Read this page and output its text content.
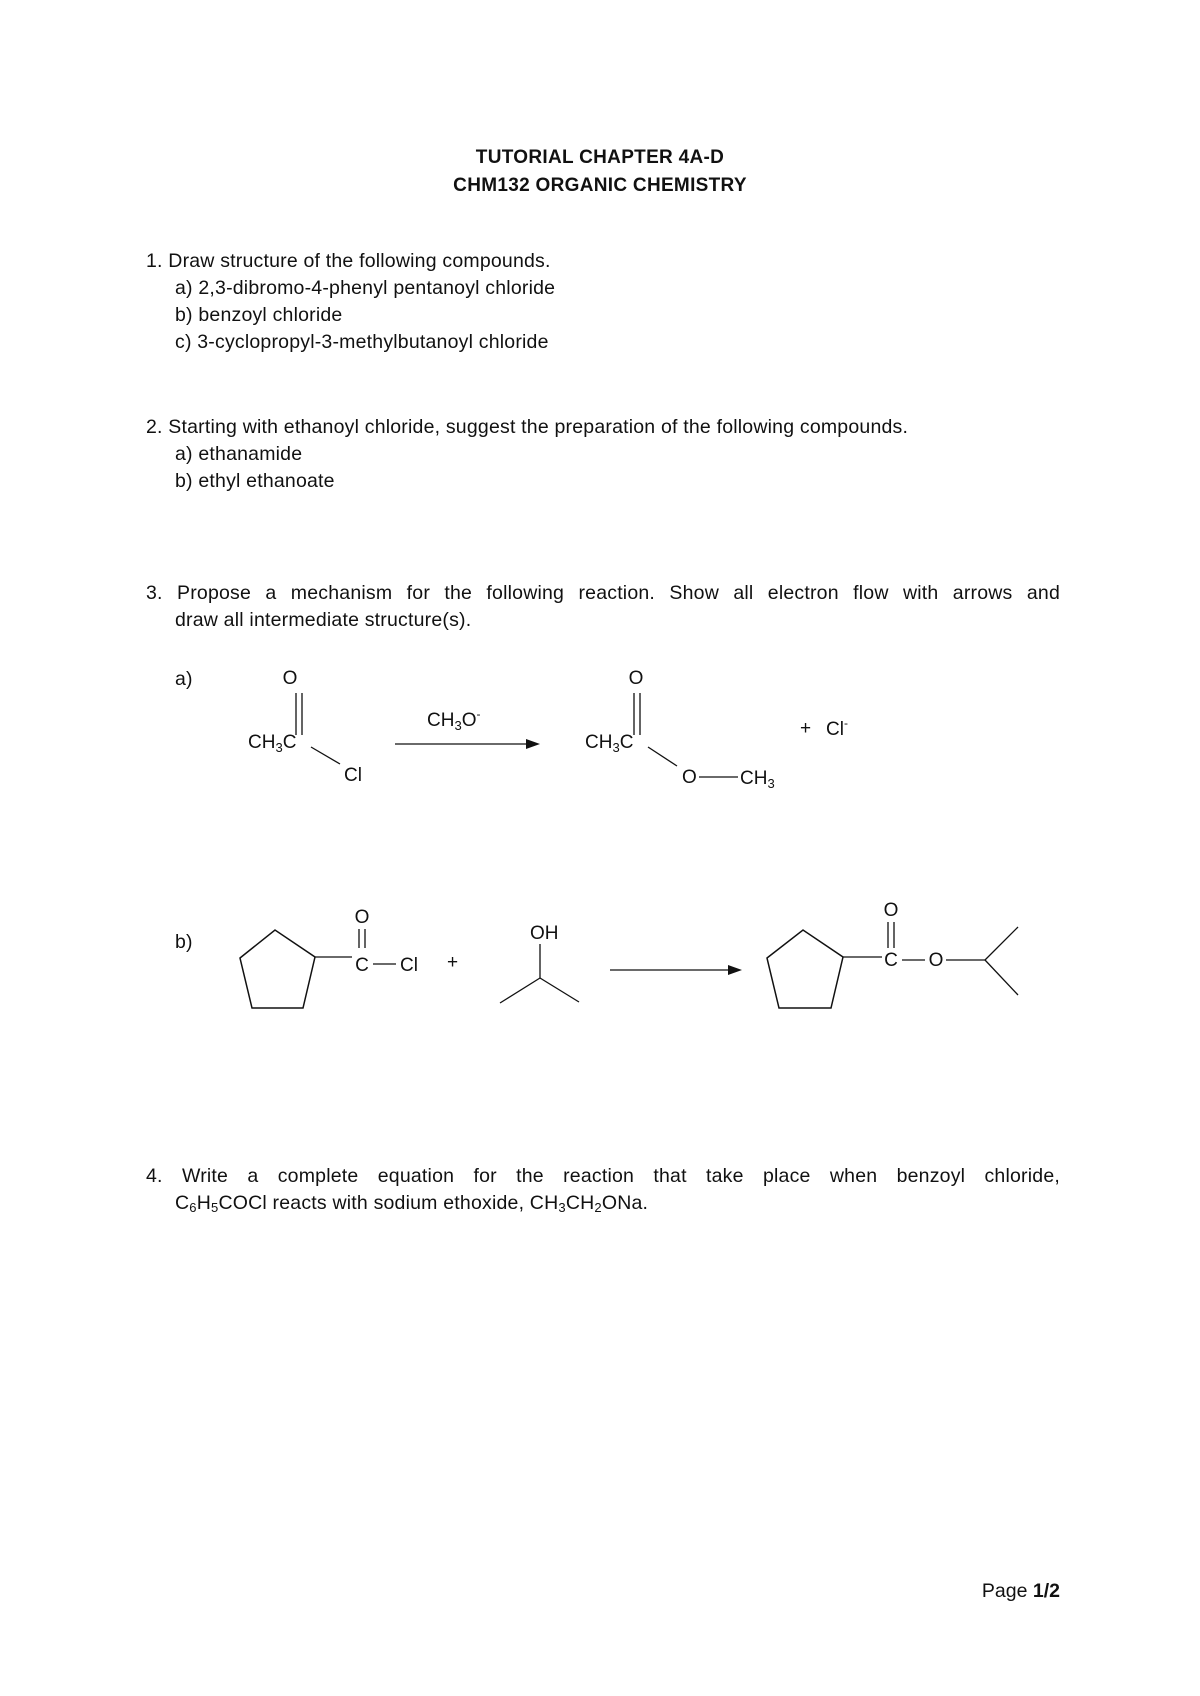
TUTORIAL CHAPTER 4A-D
CHM132 ORGANIC CHEMISTRY
1. Draw structure of the following compounds.
a) 2,3-dibromo-4-phenyl pentanoyl chloride
b) benzoyl chloride
c) 3-cyclopropyl-3-methylbutanoyl chloride
2. Starting with ethanoyl chloride, suggest the preparation of the following compounds.
a) ethanamide
b) ethyl ethanoate
3. Propose a mechanism for the following reaction. Show all electron flow with arrows and
draw all intermediate structure(s).
a)
b)
O
$CH_3C$
Cl
$CH_3O^-$
O
$CH_3C$
O $CH_3$
+ Cl-
O
C Cl +
OH
O
C O
4. Write a complete equation for the reaction that take place when benzoyl chloride,
$C_6H_5COCl$ reacts with sodium ethoxide, $CH_3CH_2ONa$.
Page 1/2
